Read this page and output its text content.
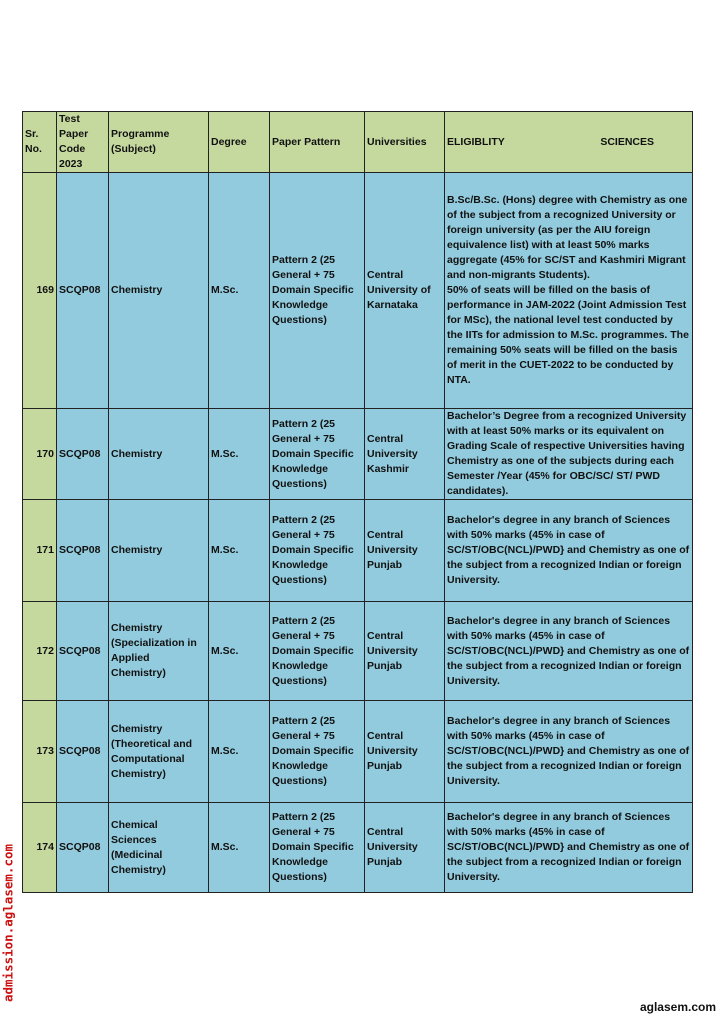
Sr. No.	Test Paper Code 2023	Programme (Subject)	Degree	Paper Pattern	Universities	ELIGIBLITY SCIENCES

169	SCQP08	Chemistry	M.Sc.	Pattern 2 (25 General + 75 Domain Specific Knowledge Questions)	Central University of Karnataka	B.Sc/B.Sc. (Hons) degree with Chemistry as one of the subject from a recognized University or foreign university (as per the AIU foreign equivalence list) with at least 50% marks aggregate (45% for SC/ST and Kashmiri Migrant and non-migrants Students).
50% of seats will be filled on the basis of performance in JAM-2022 (Joint Admission Test for MSc), the national level test conducted by the IITs for admission to M.Sc. programmes. The remaining 50% seats will be filled on the basis of merit in the CUET-2022 to be conducted by NTA.
170	SCQP08	Chemistry	M.Sc.	Pattern 2 (25 General + 75 Domain Specific Knowledge Questions)	Central University Kashmir	Bachelor’s Degree from a recognized University with at least 50% marks or its equivalent on Grading Scale of respective Universities having Chemistry as one of the subjects during each Semester /Year (45% for OBC/SC/ ST/ PWD candidates).
171	SCQP08	Chemistry	M.Sc.	Pattern 2 (25 General + 75 Domain Specific Knowledge Questions)	Central University Punjab	Bachelor's degree in any branch of Sciences with 50% marks (45% in case of SC/ST/OBC(NCL)/PWD} and Chemistry as one of the subject from a recognized Indian or foreign University.
172	SCQP08	Chemistry (Specialization in Applied Chemistry)	M.Sc.	Pattern 2 (25 General + 75 Domain Specific Knowledge Questions)	Central University Punjab	Bachelor's degree in any branch of Sciences with 50% marks (45% in case of SC/ST/OBC(NCL)/PWD} and Chemistry as one of the subject from a recognized Indian or foreign University.
173	SCQP08	Chemistry (Theoretical and Computational Chemistry)	M.Sc.	Pattern 2 (25 General + 75 Domain Specific Knowledge Questions)	Central University Punjab	Bachelor's degree in any branch of Sciences with 50% marks (45% in case of SC/ST/OBC(NCL)/PWD} and Chemistry as one of the subject from a recognized Indian or foreign University.
174	SCQP08	Chemical Sciences (Medicinal Chemistry)	M.Sc.	Pattern 2 (25 General + 75 Domain Specific Knowledge Questions)	Central University Punjab	Bachelor's degree in any branch of Sciences with 50% marks (45% in case of SC/ST/OBC(NCL)/PWD} and Chemistry as one of the subject from a recognized Indian or foreign University.
admission.aglasem.com
aglasem.com
